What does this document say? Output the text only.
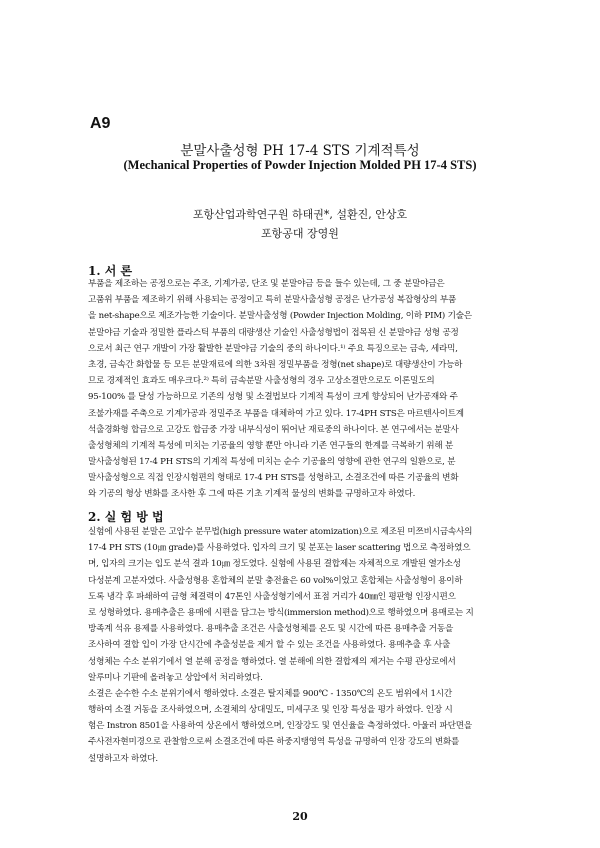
A9
분말사출성형 PH 17-4 STS 기계적특성
(Mechanical Properties of Powder Injection Molded PH 17-4 STS)
포항산업과학연구원 하태권*, 설환진, 안상호
포항공대 장영원
1. 서 론
부품을 제조하는 공정으로는 주조, 기계가공, 단조 및 분말야금 등을 들수 있는데, 그 중 분말야금은
고품위 부품을 제조하기 위해 사용되는 공정이고 특히 분말사출성형 공정은 난가공성 복잡형상의 부품
을 net-shape으로 제조가능한 기술이다. 분말사출성형 (Powder Injection Molding, 이하 PIM) 기술은
분말야금 기술과 정밀한 플라스틱 부품의 대량생산 기술인 사출성형법이 접목된 신 분말야금 성형 공정
으로서 최근 연구 개발이 가장 활발한 분말야금 기술의 중의 하나이다.¹⁾ 주요 특징으로는 금속, 세라믹,
초경, 금속간 화합물 등 모든 분말재료에 의한 3차원 정밀부품을 정형(net shape)로 대량생산이 가능하
므로 경제적인 효과도 매우크다.²⁾ 특히 금속분말 사출성형의 경우 고상소결만으로도 이론밀도의
95-100% 를 달성 가능하므로 기존의 성형 및 소결법보다 기계적 특성이 크게 향상되어 난가공재와 주
조불가재를 주축으로 기계가공과 정밀주조 부품을 대체하여 가고 있다. 17-4PH STS은 마르텐사이트계
석출경화형 합금으로 고강도 합금중 가장 내부식성이 뛰어난 재료중의 하나이다. 본 연구에서는 분말사
출성형체의 기계적 특성에 미치는 기공율의 영향 뿐만 아니라 기존 연구들의 한계를 극복하기 위해 분
말사출성형된 17-4 PH STS의 기계적 특성에 미치는 순수 기공율의 영향에 관한 연구의 일환으로, 분
말사출성형으로 직접 인장시험편의 형태로 17-4 PH STS를 성형하고, 소결조건에 따른 기공율의 변화
와 기공의 형상 변화를 조사한 후 그에 따른 기초 기계적 물성의 변화를 규명하고자 하였다.
2. 실 험 방 법
실험에 사용된 분말은 고압수 분무법(high pressure water atomization)으로 제조된 미쯔비시금속사의
17-4 PH STS (10㎛ grade)를 사용하였다. 입자의 크기 및 분포는 laser scattering 법으로 측정하였으
며, 입자의 크기는 입도 분석 결과 10㎛ 정도였다. 실험에 사용된 결합제는 자체적으로 개발된 열가소성
다성분계 고분자였다. 사출성형용 혼합체의 분말 충전율은 60 vol%이었고 혼합체는 사출성형이 용이하
도록 냉각 후 파쇄하여 금형 체결력이 47톤인 사출성형기에서 표점 거리가 40㎜인 평판형 인장시편으
로 성형하였다. 용매추출은 용매에 시편을 담그는 방식(immersion method)으로 행하였으며 용매로는 지
방족계 석유 용제를 사용하였다. 용매추출 조건은 사출성형체를 온도 및 시간에 따른 용매추출 거동을
조사하여 결합 입이 가장 단시간에 추출성분을 제거 할 수 있는 조건을 사용하였다. 용매추출 후 사출
성형체는 수소 분위기에서 열 분해 공정을 행하였다. 열 분해에 의한 결합제의 제거는 수평 관상로에서
알루미나 기판에 올려놓고 상압에서 처리하였다.
소결은 순수한 수소 분위기에서 행하였다. 소결은 탈지체를 900℃ - 1350℃의 온도 범위에서 1시간
행하여 소결 거동을 조사하였으며, 소결체의 상대밀도, 미세구조 및 인장 특성을 평가 하였다. 인장 시
험은 Instron 8501을 사용하여 상온에서 행하였으며, 인장강도 및 연신율을 측정하였다. 아울러 파단면을
주사전자현미경으로 관찰함으로써 소결조건에 따른 하중지탱영역 특성을 규명하여 인장 강도의 변화를
설명하고자 하였다.
20
